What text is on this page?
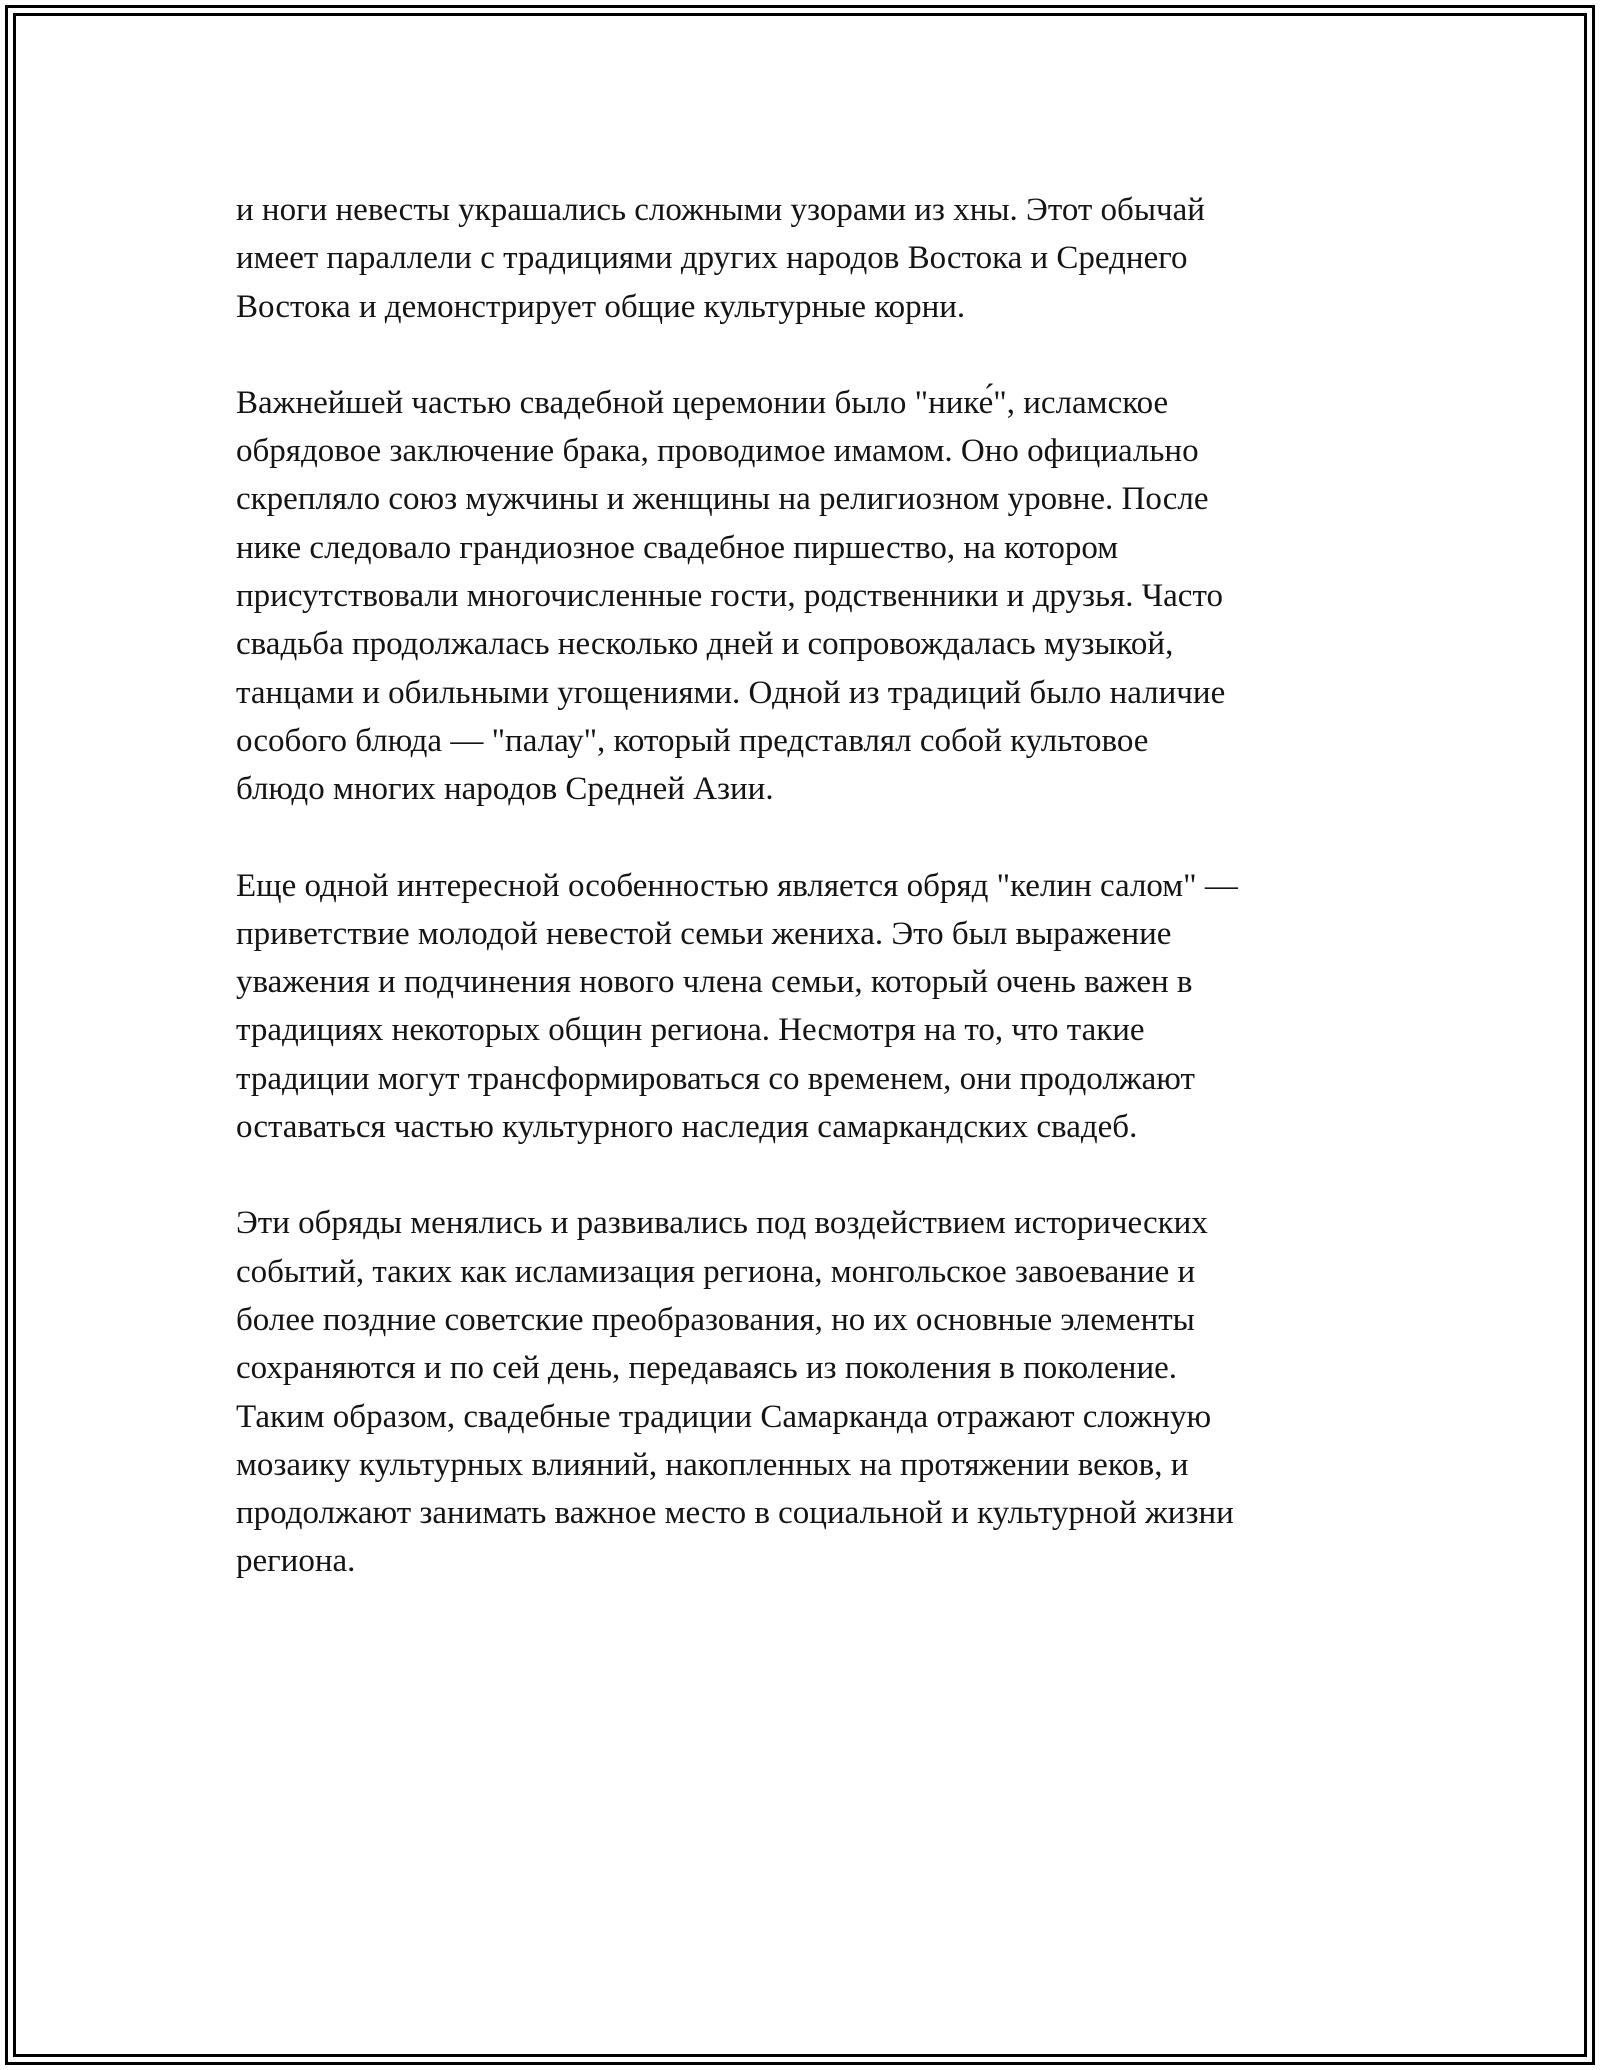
и ноги невесты украшались сложными узорами из хны. Этот обычай
имеет параллели с традициями других народов Востока и Среднего
Востока и демонстрирует общие культурные корни.

Важнейшей частью свадебной церемонии было "нике́", исламское
обрядовое заключение брака, проводимое имамом. Оно официально
скрепляло союз мужчины и женщины на религиозном уровне. После
нике следовало грандиозное свадебное пиршество, на котором
присутствовали многочисленные гости, родственники и друзья. Часто
свадьба продолжалась несколько дней и сопровождалась музыкой,
танцами и обильными угощениями. Одной из традиций было наличие
особого блюда — "палау", который представлял собой культовое
блюдо многих народов Средней Азии.

Еще одной интересной особенностью является обряд "келин салом" —
приветствие молодой невестой семьи жениха. Это был выражение
уважения и подчинения нового члена семьи, который очень важен в
традициях некоторых общин региона. Несмотря на то, что такие
традиции могут трансформироваться со временем, они продолжают
оставаться частью культурного наследия самаркандских свадеб.

Эти обряды менялись и развивались под воздействием исторических
событий, таких как исламизация региона, монгольское завоевание и
более поздние советские преобразования, но их основные элементы
сохраняются и по сей день, передаваясь из поколения в поколение.
Таким образом, свадебные традиции Самарканда отражают сложную
мозаику культурных влияний, накопленных на протяжении веков, и
продолжают занимать важное место в социальной и культурной жизни
региона.
